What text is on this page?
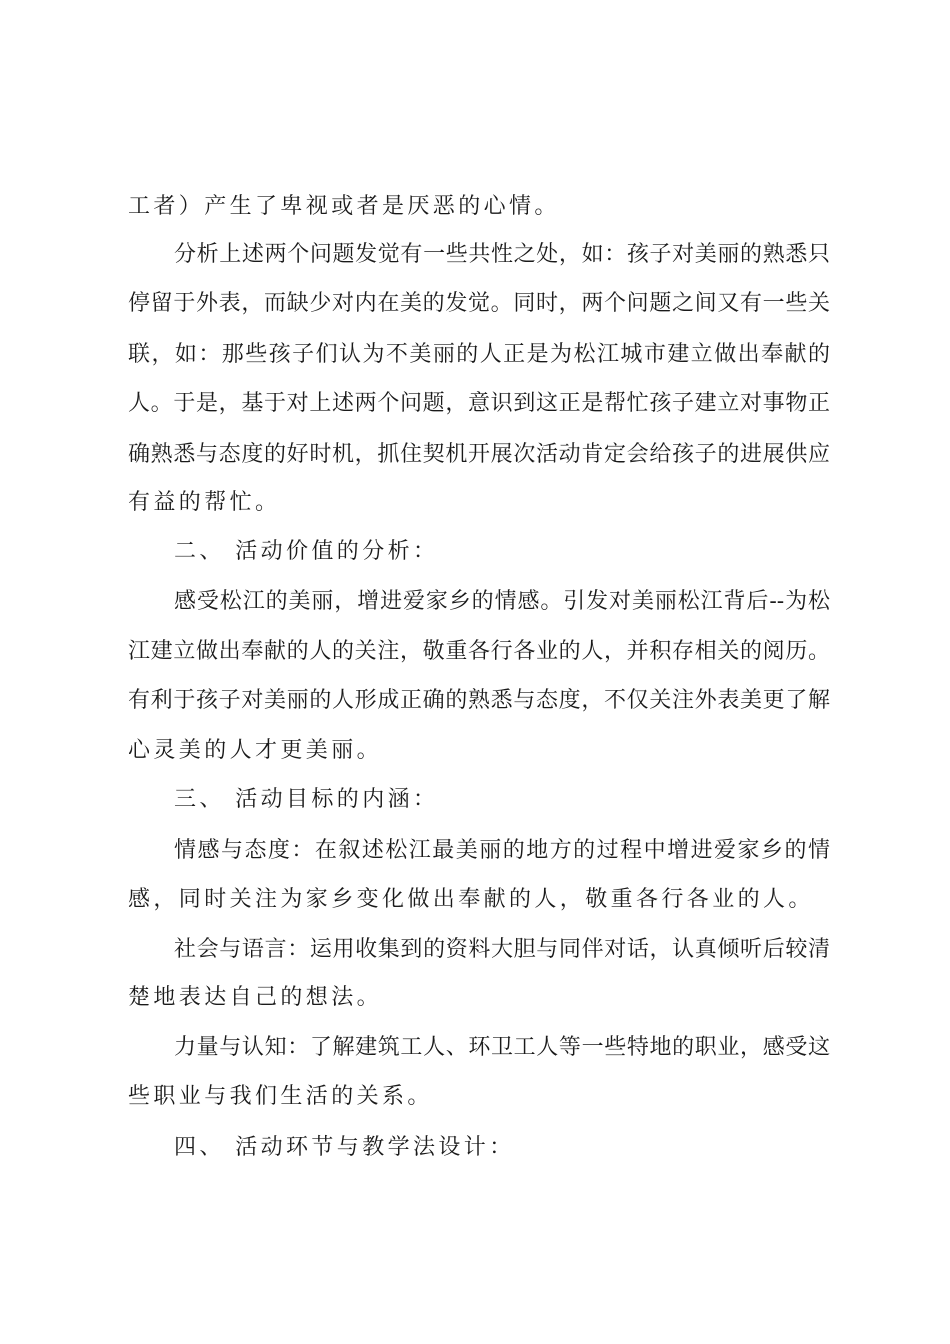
工者）产生了卑视或者是厌恶的心情。
分析上述两个问题发觉有一些共性之处，如：孩子对美丽的熟悉只
停留于外表，而缺少对内在美的发觉。同时，两个问题之间又有一些关
联，如：那些孩子们认为不美丽的人正是为松江城市建立做出奉献的
人。于是，基于对上述两个问题，意识到这正是帮忙孩子建立对事物正
确熟悉与态度的好时机，抓住契机开展次活动肯定会给孩子的进展供应
有益的帮忙。
二、 活动价值的分析：
感受松江的美丽，增进爱家乡的情感。引发对美丽松江背后--为松
江建立做出奉献的人的关注，敬重各行各业的人，并积存相关的阅历。
有利于孩子对美丽的人形成正确的熟悉与态度，不仅关注外表美更了解
心灵美的人才更美丽。
三、 活动目标的内涵：
情感与态度：在叙述松江最美丽的地方的过程中增进爱家乡的情
感，同时关注为家乡变化做出奉献的人，敬重各行各业的人。
社会与语言：运用收集到的资料大胆与同伴对话，认真倾听后较清
楚地表达自己的想法。
力量与认知：了解建筑工人、环卫工人等一些特地的职业，感受这
些职业与我们生活的关系。
四、 活动环节与教学法设计：
